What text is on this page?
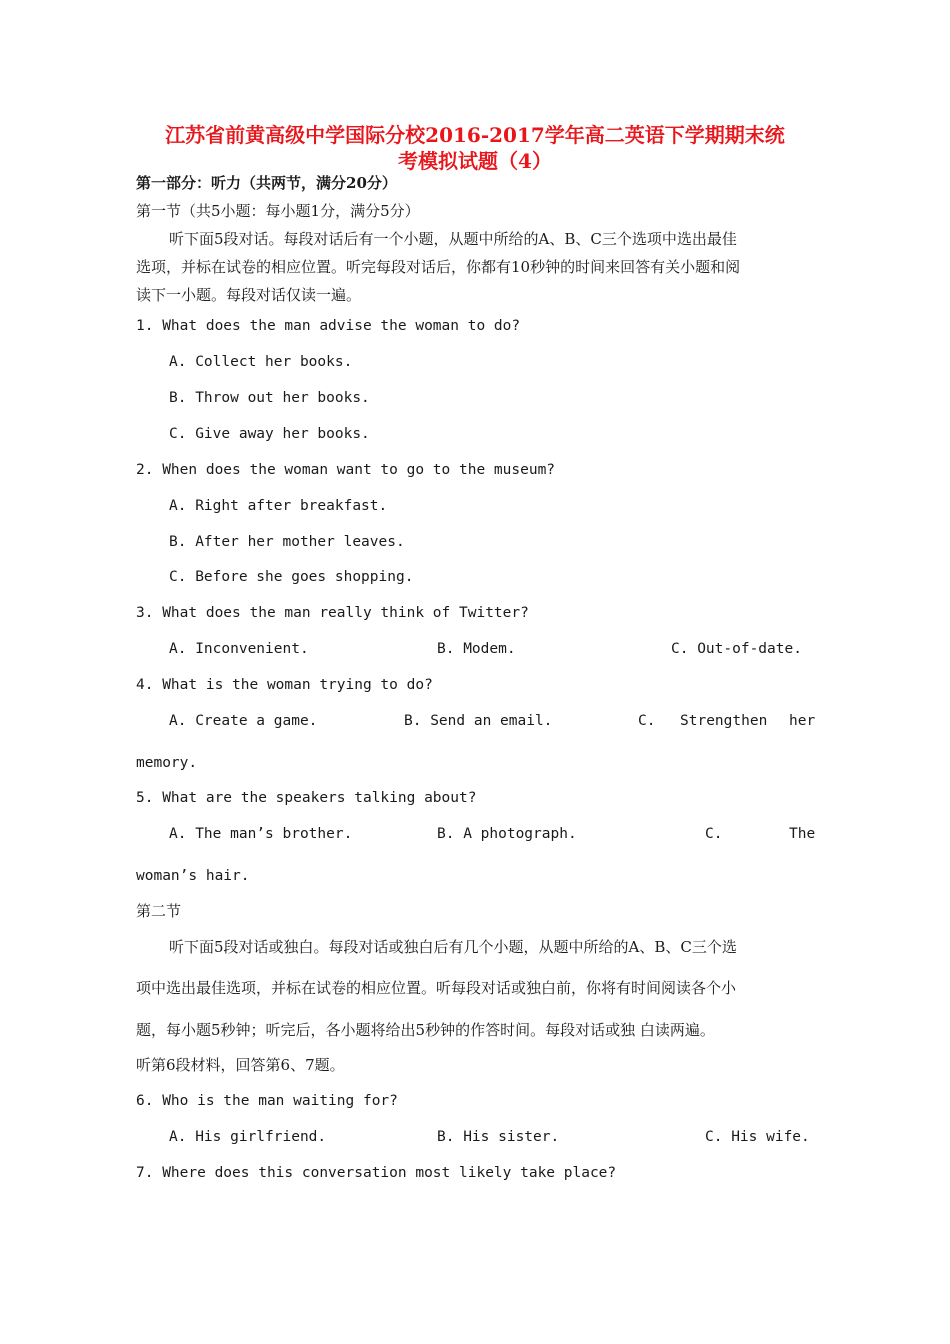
江苏省前黄高级中学国际分校2016-2017学年高二英语下学期期末统
考模拟试题（4）
第一部分：听力（共两节，满分20分）
第一节（共5小题：每小题1分，满分5分）
听下面5段对话。每段对话后有一个小题，从题中所给的A、B、C三个选项中选出最佳
选项，并标在试卷的相应位置。听完每段对话后，你都有10秒钟的时间来回答有关小题和阅
读下一小题。每段对话仅读一遍。
1. What does the man advise the woman to do?
A. Collect her books.
B. Throw out her books.
C. Give away her books.
2. When does the woman want to go to the museum?
A. Right after breakfast.
B. After her mother leaves.
C. Before she goes shopping.
3. What does the man really think of Twitter?
A. Inconvenient.	B. Modem.	C. Out-of-date.
4. What is the woman trying to do?
A. Create a game.	B. Send an email.	C. Strengthen her
memory.
5. What are the speakers talking about?
A. The man’s brother.	B. A photograph.	C.	The
woman’s hair.
第二节
听下面5段对话或独白。每段对话或独白后有几个小题，从题中所给的A、B、C三个选
项中选出最佳选项，并标在试卷的相应位置。听每段对话或独白前，你将有时间阅读各个小
题，每小题5秒钟；听完后，各小题将给出5秒钟的作答时间。每段对话或独 白读两遍。
听第6段材料，回答第6、7题。
6. Who is the man waiting for?
A. His girlfriend.	B. His sister.	C. His wife.
7. Where does this conversation most likely take place?
